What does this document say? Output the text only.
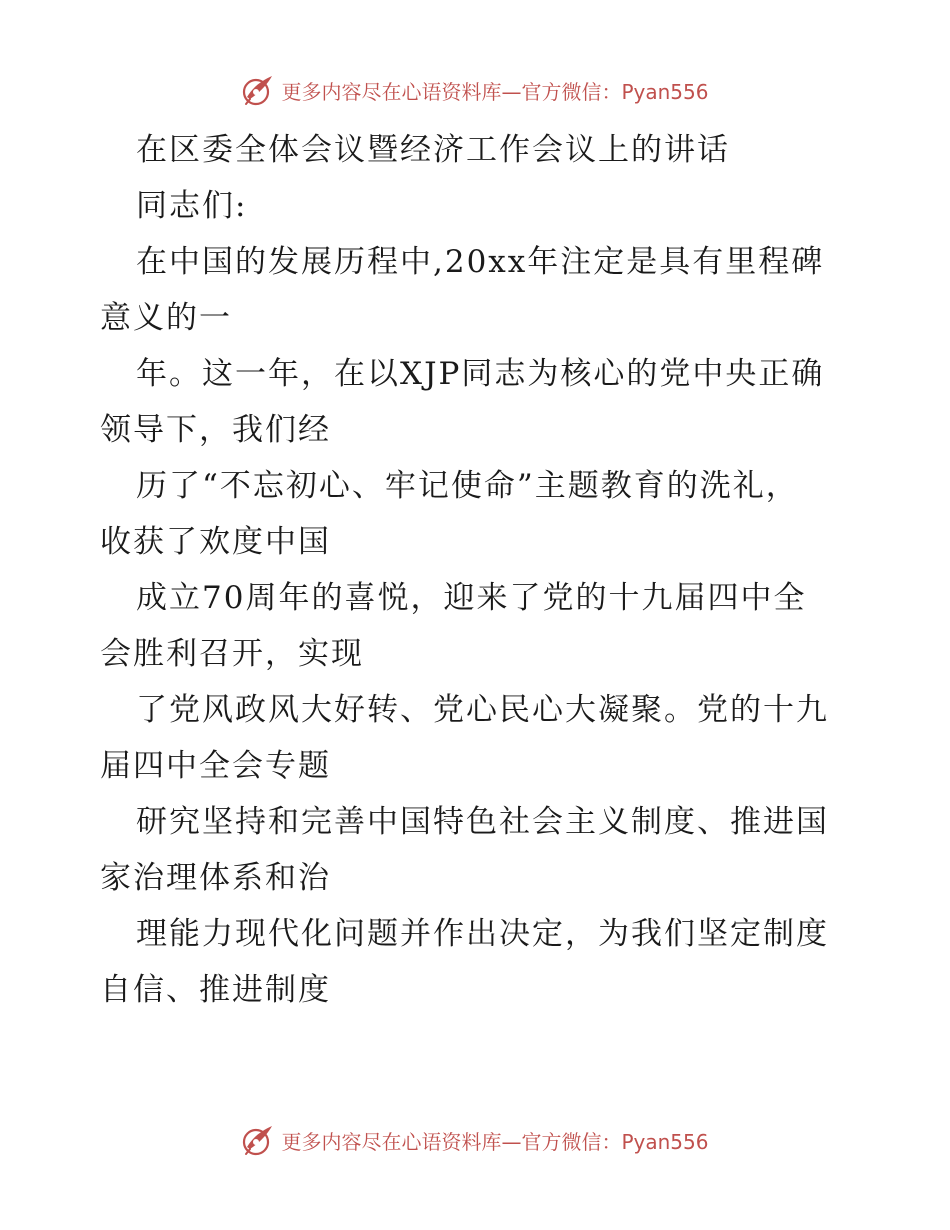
更多内容尽在心语资料库—官方微信：Pyan556
在区委全体会议暨经济工作会议上的讲话
同志们:
在中国的发展历程中,20xx年注定是具有里程碑
意义的一
年。这一年，在以XJP同志为核心的党中央正确
领导下，我们经
历了“不忘初心、牢记使命”主题教育的洗礼，
收获了欢度中国
成立70周年的喜悦，迎来了党的十九届四中全
会胜利召开，实现
了党风政风大好转、党心民心大凝聚。党的十九
届四中全会专题
研究坚持和完善中国特色社会主义制度、推进国
家治理体系和治
理能力现代化问题并作出决定，为我们坚定制度
自信、推进制度
更多内容尽在心语资料库—官方微信：Pyan556
